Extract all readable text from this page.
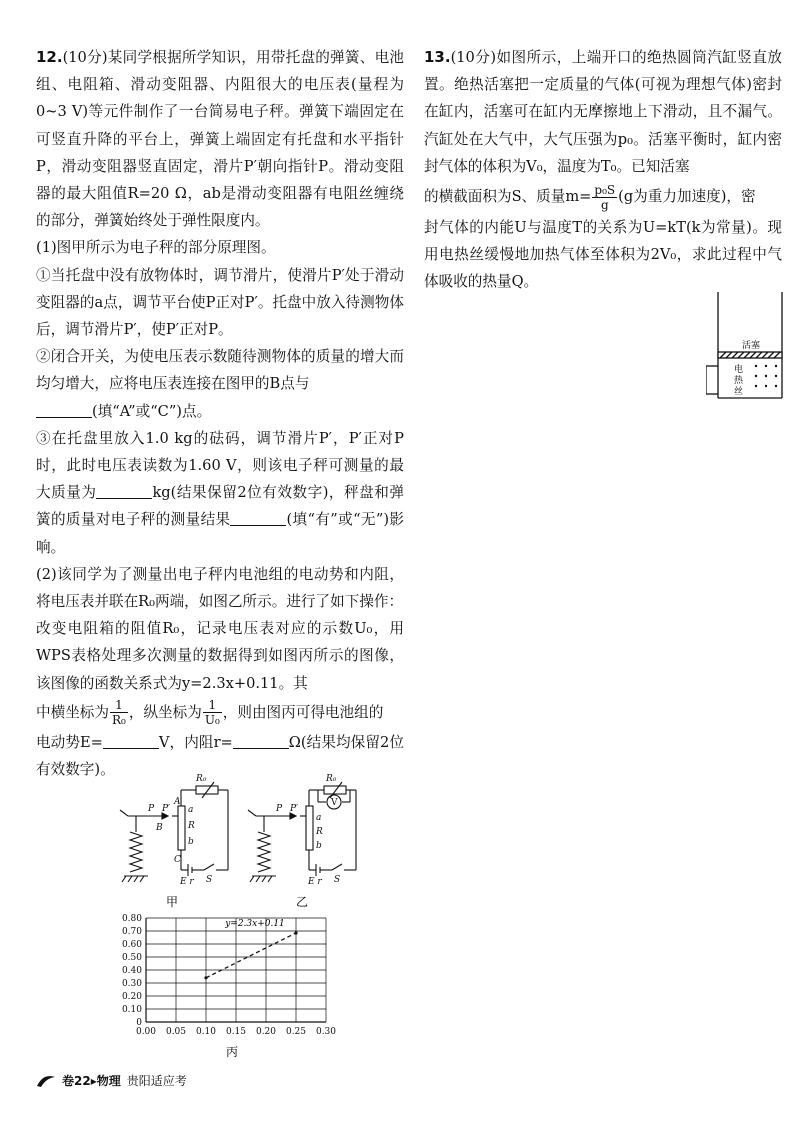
12.(10分)某同学根据所学知识，用带托盘的弹簧、电池组、电阻箱、滑动变阻器、内阻很大的电压表(量程为0~3 V)等元件制作了一台简易电子秤。弹簧下端固定在可竖直升降的平台上，弹簧上端固定有托盘和水平指针P，滑动变阻器竖直固定，滑片P′朝向指针P。滑动变阻器的最大阻值R=20 Ω，ab是滑动变阻器有电阻丝缠绕的部分，弹簧始终处于弹性限度内。

(1)图甲所示为电子秤的部分原理图。

①当托盘中没有放物体时，调节滑片，使滑片P′处于滑动变阻器的a点，调节平台使P正对P′。托盘中放入待测物体后，调节滑片P′，使P′正对P。

②闭合开关，为使电压表示数随待测物体的质量的增大而均匀增大，应将电压表连接在图甲的B点与
(填“A”或“C”)点。

③在托盘里放入1.0 kg的砝码，调节滑片P′，P′正对P时，此时电压表读数为1.60 V，则该电子秤可测量的最大质量为	kg(结果保留2位有效数字)，秤盘和弹簧的质量对电子秤的测量结果	(填“有”或“无”)影响。

(2)该同学为了测量出电子秤内电池组的电动势和内阻，将电压表并联在R₀两端，如图乙所示。进行了如下操作：

改变电阻箱的阻值R₀，记录电压表对应的示数U₀，用WPS表格处理多次测量的数据得到如图丙所示的图像，该图像的函数关系式为y=2.3x+0.11。其

中横坐标为 $\frac{1}{\text{R₀}}$ ，纵坐标为 $\frac{1}{\text{U₀}}$ ，则由图丙可得电池组的

电动势E=	V，内阻r=	Ω(结果均保留2位有效数字)。

R₀
A
a
R
b
C
B
P P′
E r S
甲
R₀
V
a
R
b
P P′
E r S
乙
0.00 0.05 0.10 0.15 0.20 0.25 0.30
0
0.10
0.20
0.30
0.40
0.50
0.60
0.70
0.80	y=2.3x+0.11
丙

13.(10分)如图所示，上端开口的绝热圆筒汽缸竖直放置。绝热活塞把一定质量的气体(可视为理想气体)密封在缸内，活塞可在缸内无摩擦地上下滑动，且不漏气。汽缸处在大气中，大气压强为p₀。活塞平衡时，缸内密封气体的体积为V₀，温度为T₀。已知活塞

的横截面积为S、质量$m= \frac{\text{p₀S}}{g} (g$为重力加速度)，密

封气体的内能U与温度T的关系为U=kT(k为常量)。现用电热丝缓慢地加热气体至体积为2V₀，求此过程中气体吸收的热量Q。

活塞
电
热
丝
卷22▸物理 贵阳适应考
